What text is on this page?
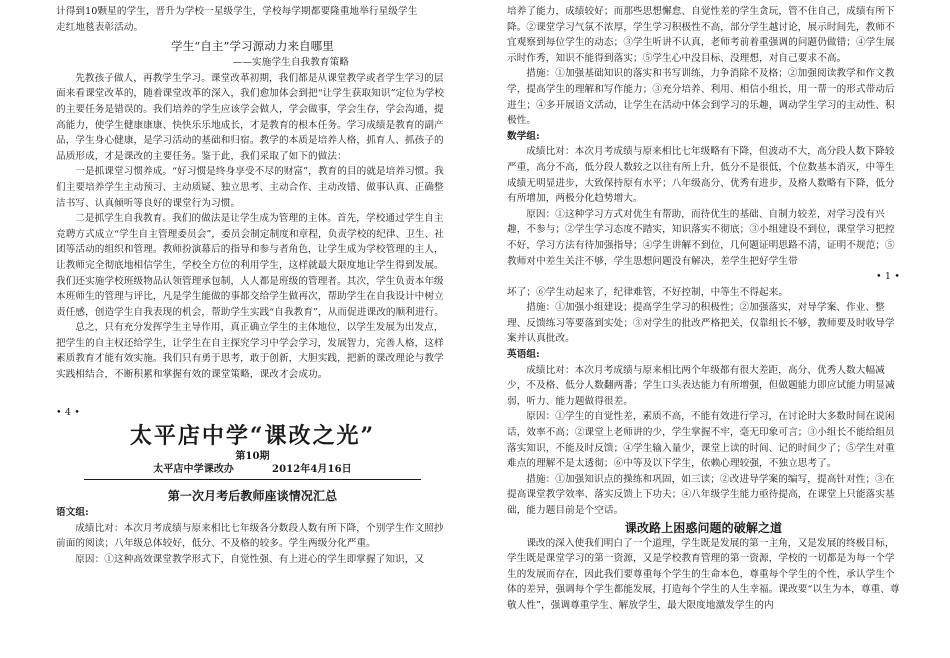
计得到10颗星的学生，晋升为学校一星级学生，学校每学期都要隆重地举行星级学生

走红地毯表彰活动。

学生“自主”学习源动力来自哪里

——实施学生自我教育策略

先教孩子做人，再教学生学习。课堂改革初期，我们都是从课堂教学或者学生学习的层面来看课堂改革的，随着课堂改革的深入，我们愈加体会到把“让学生获取知识”定位为学校的主要任务是错误的。我们培养的学生应该学会做人，学会做事，学会生存，学会沟通，提高能力，使学生健康康康、快快乐乐地成长，才是教育的根本任务。学习成绩是教育的副产品，学生身心健康，是学习活动的基础和归宿。教学的本质是培养人格，抓育人、抓孩子的品质形成，才是课改的主要任务。鉴于此，我们采取了如下的做法：

一是抓课堂习惯养成。“好习惯是终身享受不尽的财富”，教育的目的就是培养习惯。我们主要培养学生主动预习、主动质疑、独立思考、主动合作、主动改错、做事认真、正确整洁书写、认真倾听等良好的课堂行为习惯。

二是抓学生自我教育。我们的做法是让学生成为管理的主体。首先，学校通过学生自主竞聘方式成立“学生自主管理委员会”，委员会制定制度和章程，负责学校的纪律、卫生、社团等活动的组织和管理。教师扮演幕后的指导和参与者角色，让学生成为学校管理的主人，让教师完全彻底地相信学生，学校全方位的利用学生，这样就最大限度地让学生得到发展。我们还实施学校班级物品认领管理承包制，人人都是班级的管理者。其次，学生负责本年级本班师生的管理与评比，凡是学生能做的事都交给学生做再次，帮助学生在自我设计中树立责任感，创造学生自我表现的机会，帮助学生实践“自我教育”，从而促进课改的顺利进行。

总之，只有充分发挥学生主导作用，真正确立学生的主体地位，以学生发展为出发点，把学生的自主权还给学生，让学生在自主探究学习中学会学习，发展智力，完善人格，这样素质教育才能有效实施。我们只有勇于思考，敢于创新，大胆实践，把新的课改理论与教学实践相结合，不断积累和掌握有效的课堂策略，课改才会成功。

• 4 •

太平店中学“课改之光”
第10期
太平店中学课改办	2012年4月16日
第一次月考后教师座谈情况汇总

语文组:

成绩比对：本次月考成绩与原来相比七年级各分数段人数有所下降，个别学生作文照抄前面的阅读；八年级总体较好，低分、不及格的较多。学生两级分化严重。

原因：①这种高效课堂教学形式下，自觉性强、有上进心的学生即掌握了知识，又

培养了能力，成绩较好；而那些思想懈怠、自觉性差的学生贪玩，管不住自己，成绩有所下降。②课堂学习气氛不浓厚，学生学习积极性不高，部分学生越讨论，展示时间先，教师不宜观察到每位学生的动态；③学生听讲不认真，老师考前着重强调的问题仍做错；④学生展示时作秀，知识不能得到落实；⑤学生心中没目标、没理想，对自己要求不高。

措施：①加强基础知识的落实和书写训练，力争消除不及格；②加强阅读教学和作文教学，提高学生的理解和写作能力；③充分培养、利用、相信小组长，用一帮一的形式带动后进生；④多开展语文活动，让学生在活动中体会到学习的乐趣，调动学生学习的主动性、积极性。

数学组:

成绩比对：本次月考成绩与原来相比七年级略有下降，但波动不大，高分段人数下降较严重，高分不高，低分段人数较之以往有所上升，低分不是很低，个位数基本消灭，中等生成绩无明显进步，大致保持原有水平；八年级高分、优秀有进步，及格人数略有下降，低分有所增加，两极分化趋势增大。

原因：①这种学习方式对优生有帮助，而待优生的基础、自制力较差，对学习没有兴趣，不参与；②学生学习态度不踏实，知识落实不彻底；③小组建设不到位，课堂学习把控不好，学习方法有待加强指导；④学生讲解不到位，几何题证明思路不清，证明不规范；⑤教师对中差生关注不够，学生思想问题没有解决，差学生把好学生带

• 1 •

坏了；⑥学生动起来了，纪律难管，不好控制，中等生不得起来。

措施：①加强小组建设；提高学生学习的积极性；②加强落实，对导学案、作业、整理、反馈练习等要落到实处；③对学生的批改严格把关，仅靠组长不够，教师要及时收导学案并认真批改。

英语组:

成绩比对：本次月考成绩与原来相比两个年级都有很大差距，高分、优秀人数大幅减少，不及格、低分人数翻两番；学生口头表达能力有所增强，但做题能力即应试能力明显减弱，听力、能力题做得很差。

原因：①学生的自觉性差，素质不高，不能有效进行学习，在讨论时大多数时间在说闲话，效率不高；②课堂上老师讲的少，学生掌握不牢，毫无印象可言；③小组长不能给组员落实知识，不能及时反馈；④学生输入量少，课堂上读的时间、记的时间少了；⑤学生对重难点的理解不是太透彻；⑥中等及以下学生，依赖心理较强，不独立思考了。

措施：①加强知识点的操练和巩固，如三读；②改进导学案的编写，提高针对性；③在提高课堂教学效率、落实反馈上下功夫；④八年级学生能力亟待提高，在课堂上只能落实基础，能力题目前是个空话。

课改路上困惑问题的破解之道

课改的深入使我们明白了一个道理，学生既是发展的第一主角，又是发展的终极目标，学生既是课堂学习的第一资源，又是学校教育管理的第一资源，学校的一切都是为每一个学生的发展而存在，因此我们要尊重每个学生的生命本色，尊重每个学生的个性，承认学生个体的差异，强调每个学生都能发展，打造每个学生的人生幸福。课改要“以生为本，尊重、尊敬人性”，强调尊重学生、解放学生，最大限度地激发学生的内
